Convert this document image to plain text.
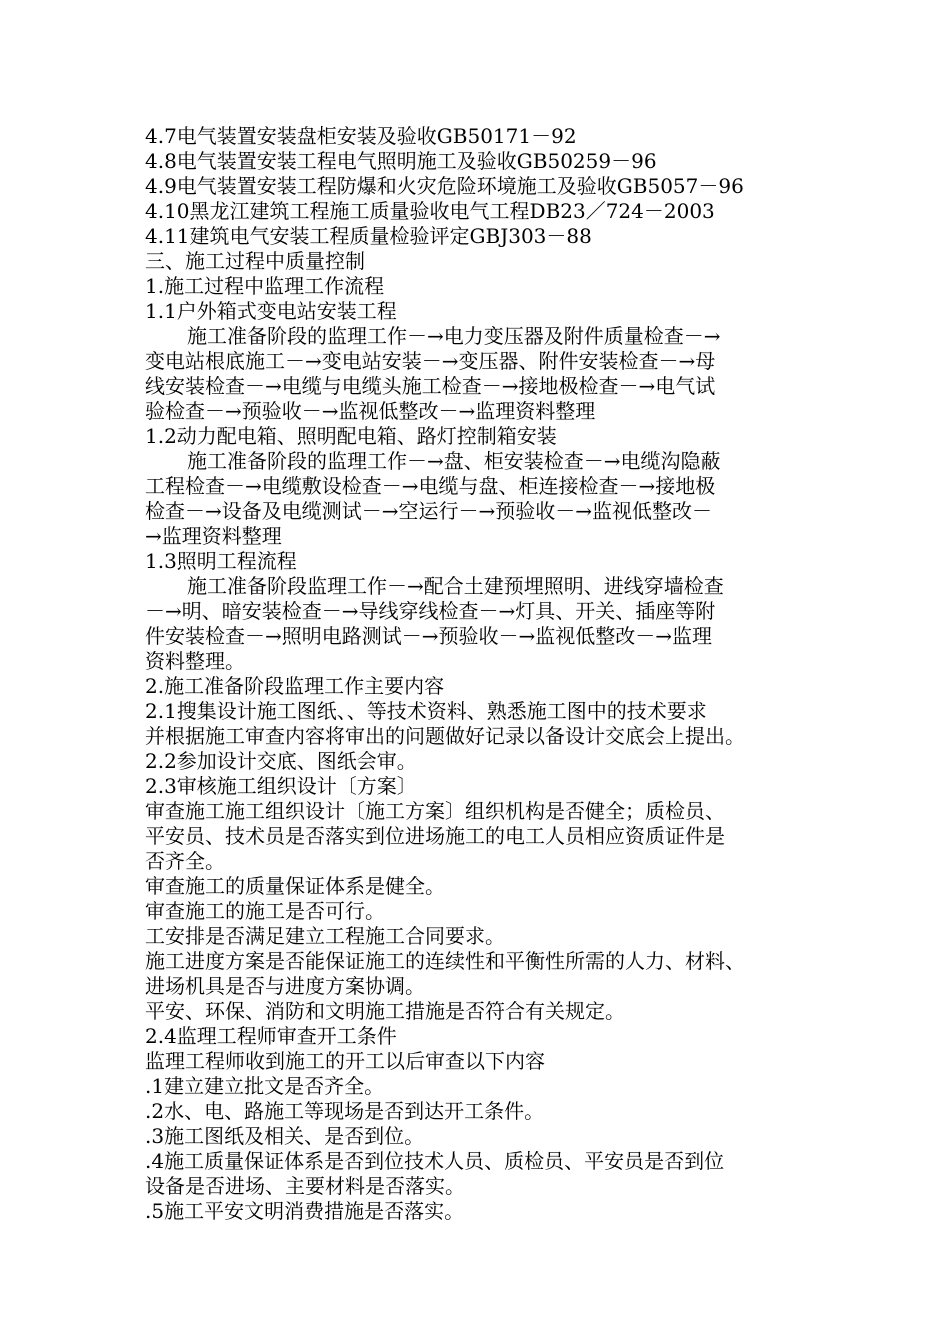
4.7电气装置安装盘柜安装及验收GB50171－92
4.8电气装置安装工程电气照明施工及验收GB50259－96
4.9电气装置安装工程防爆和火灾危险环境施工及验收GB5057－96
4.10黑龙江建筑工程施工质量验收电气工程DB23／724－2003
4.11建筑电气安装工程质量检验评定GBJ303－88
三、施工过程中质量控制
1.施工过程中监理工作流程
1.1户外箱式变电站安装工程
施工准备阶段的监理工作－→电力变压器及附件质量检查－→
变电站根底施工－→变电站安装－→变压器、附件安装检查－→母
线安装检查－→电缆与电缆头施工检查－→接地极检查－→电气试
验检查－→预验收－→监视低整改－→监理资料整理
1.2动力配电箱、照明配电箱、路灯控制箱安装
施工准备阶段的监理工作－→盘、柜安装检查－→电缆沟隐蔽
工程检查－→电缆敷设检查－→电缆与盘、柜连接检查－→接地极
检查－→设备及电缆测试－→空运行－→预验收－→监视低整改－
→监理资料整理
1.3照明工程流程
施工准备阶段监理工作－→配合土建预埋照明、进线穿墙检查
－→明、暗安装检查－→导线穿线检查－→灯具、开关、插座等附
件安装检查－→照明电路测试－→预验收－→监视低整改－→监理
资料整理。
2.施工准备阶段监理工作主要内容
2.1搜集设计施工图纸、、等技术资料、熟悉施工图中的技术要求
并根据施工审查内容将审出的问题做好记录以备设计交底会上提出。
2.2参加设计交底、图纸会审。
2.3审核施工组织设计〔方案〕
审查施工施工组织设计〔施工方案〕组织机构是否健全；质检员、
平安员、技术员是否落实到位进场施工的电工人员相应资质证件是
否齐全。
审查施工的质量保证体系是健全。
审查施工的施工是否可行。
工安排是否满足建立工程施工合同要求。
施工进度方案是否能保证施工的连续性和平衡性所需的人力、材料、
进场机具是否与进度方案协调。
平安、环保、消防和文明施工措施是否符合有关规定。
2.4监理工程师审查开工条件
监理工程师收到施工的开工以后审查以下内容
.1建立建立批文是否齐全。
.2水、电、路施工等现场是否到达开工条件。
.3施工图纸及相关、是否到位。
.4施工质量保证体系是否到位技术人员、质检员、平安员是否到位
设备是否进场、主要材料是否落实。
.5施工平安文明消费措施是否落实。
